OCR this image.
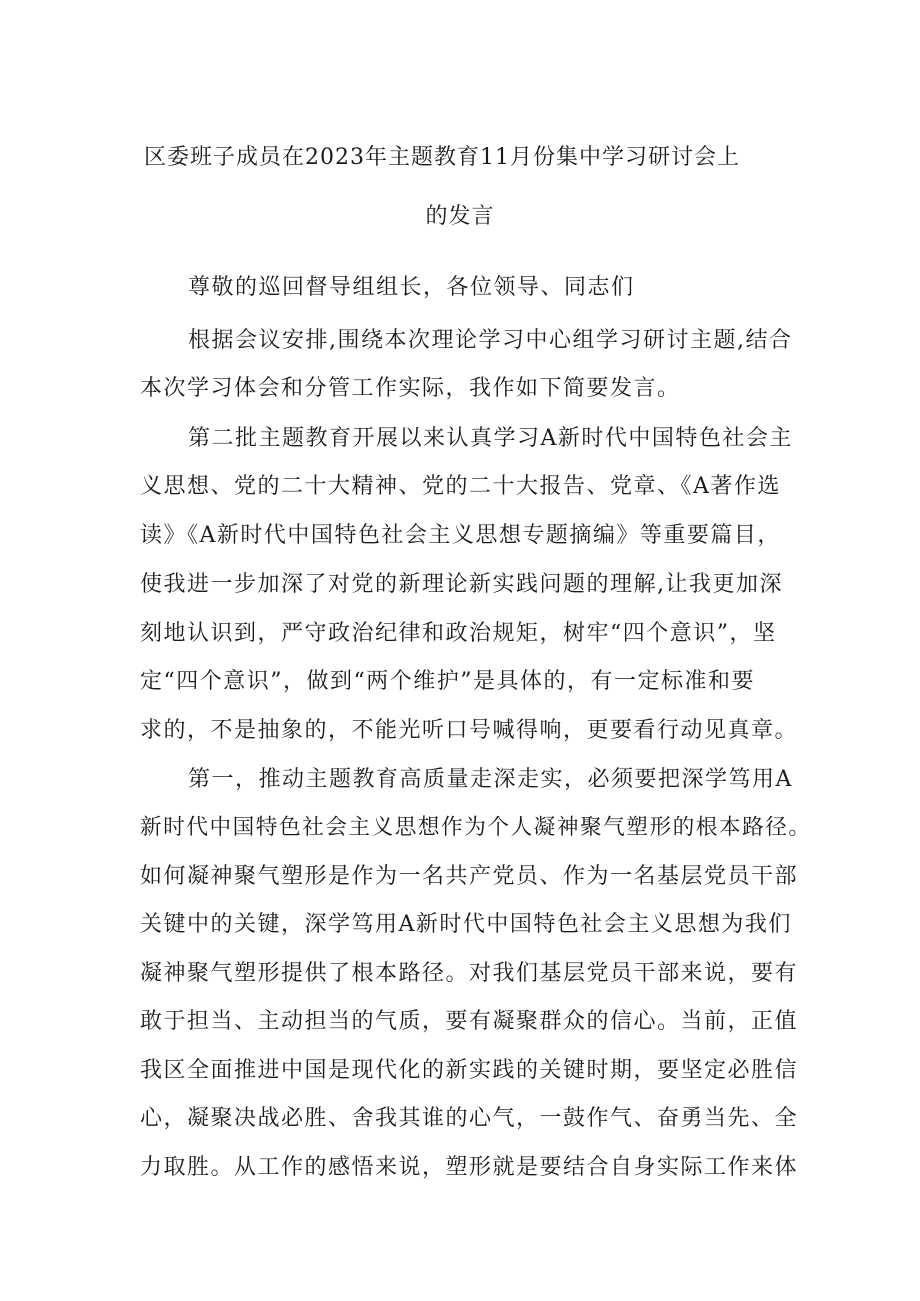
区委班子成员在2023年主题教育11月份集中学习研讨会上
的发言
尊敬的巡回督导组组长，各位领导、同志们
根据会议安排,围绕本次理论学习中心组学习研讨主题,结合
本次学习体会和分管工作实际，我作如下简要发言。
第二批主题教育开展以来认真学习A新时代中国特色社会主
义思想、党的二十大精神、党的二十大报告、党章、《A著作选
读》《A新时代中国特色社会主义思想专题摘编》等重要篇目，
使我进一步加深了对党的新理论新实践问题的理解,让我更加深
刻地认识到，严守政治纪律和政治规矩，树牢“四个意识”，坚
定“四个意识”，做到“两个维护”是具体的，有一定标准和要
求的，不是抽象的，不能光听口号喊得响，更要看行动见真章。
第一，推动主题教育高质量走深走实，必须要把深学笃用A
新时代中国特色社会主义思想作为个人凝神聚气塑形的根本路径。
如何凝神聚气塑形是作为一名共产党员、作为一名基层党员干部
关键中的关键，深学笃用A新时代中国特色社会主义思想为我们
凝神聚气塑形提供了根本路径。对我们基层党员干部来说，要有
敢于担当、主动担当的气质，要有凝聚群众的信心。当前，正值
我区全面推进中国是现代化的新实践的关键时期，要坚定必胜信
心，凝聚决战必胜、舍我其谁的心气，一鼓作气、奋勇当先、全
力取胜。从工作的感悟来说，塑形就是要结合自身实际工作来体
